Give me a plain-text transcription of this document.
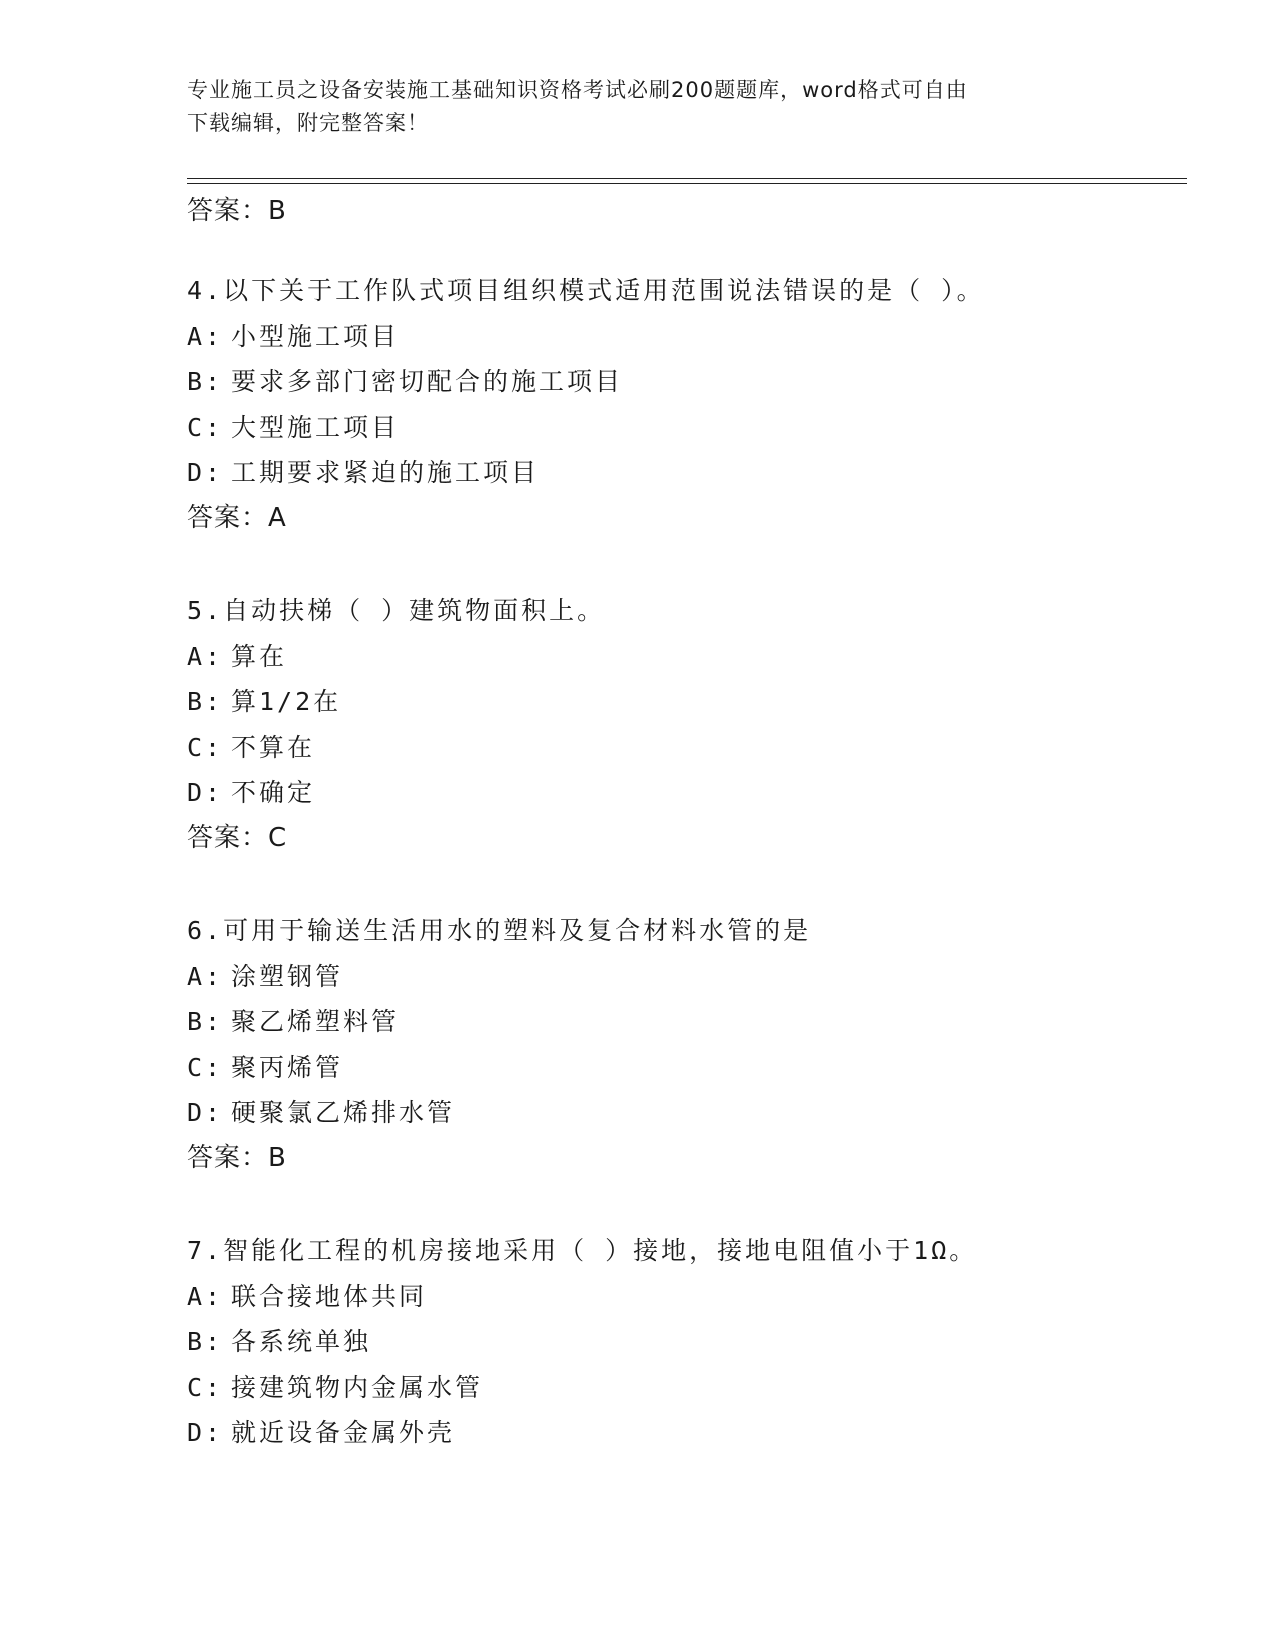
专业施工员之设备安装施工基础知识资格考试必刷200题题库，word格式可自由
下载编辑，附完整答案！
答案：B
4.以下关于工作队式项目组织模式适用范围说法错误的是（ ）。
A: 小型施工项目
B: 要求多部门密切配合的施工项目
C: 大型施工项目
D: 工期要求紧迫的施工项目
答案：A
5.自动扶梯（ ）建筑物面积上。
A: 算在
B: 算1/2在
C: 不算在
D: 不确定
答案：C
6.可用于输送生活用水的塑料及复合材料水管的是
A: 涂塑钢管
B: 聚乙烯塑料管
C: 聚丙烯管
D: 硬聚氯乙烯排水管
答案：B
7.智能化工程的机房接地采用（ ）接地，接地电阻值小于1Ω。
A: 联合接地体共同
B: 各系统单独
C: 接建筑物内金属水管
D: 就近设备金属外壳
